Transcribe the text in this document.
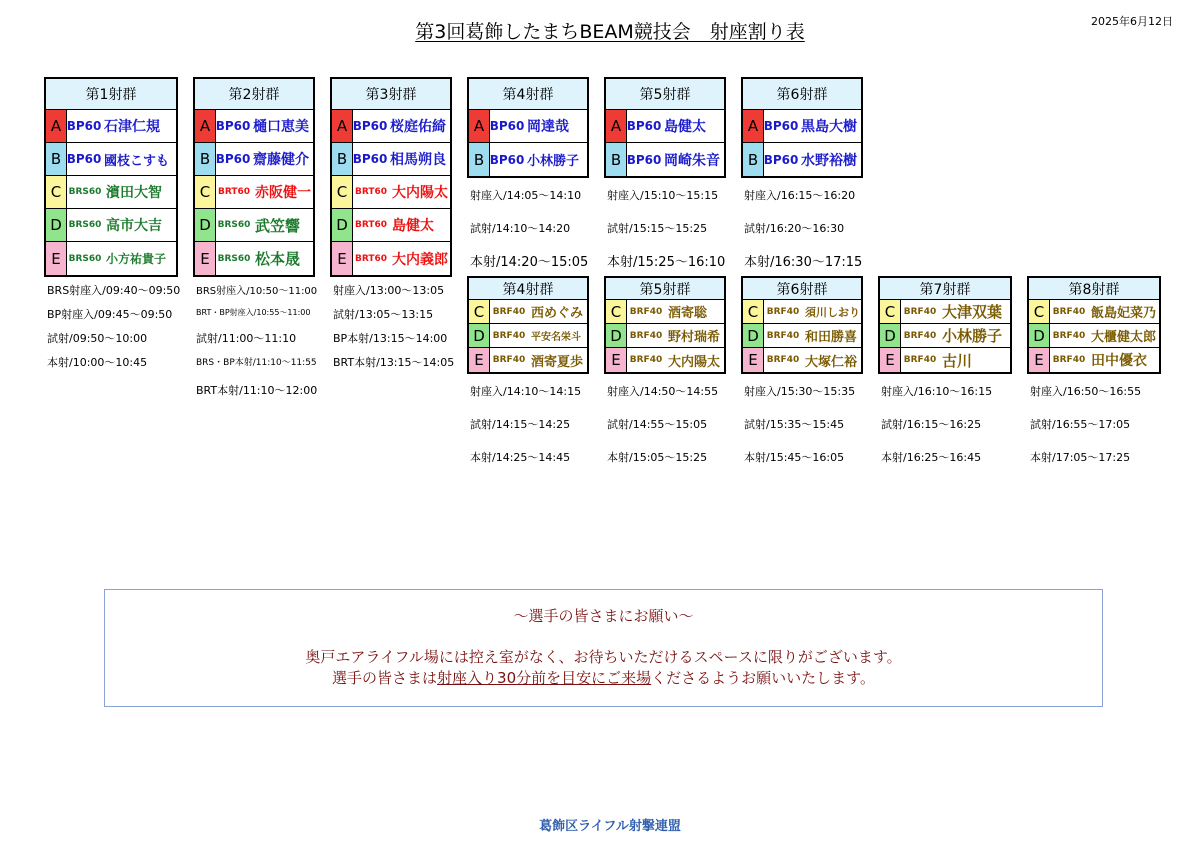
第3回葛飾したまちBEAM競技会　射座割り表	2025年6月12日
第1射群
A BP60 石津仁規
B BP60 國枝こすも
C BRS60 濱田大智
D BRS60 高市大吉
E BRS60 小方祐貴子
第2射群
A BP60 樋口恵美
B BP60 齋藤健介
C BRT60 赤阪健一
D BRS60 武笠響
E BRS60 松本晟
第3射群
A BP60 桜庭佑綺
B BP60 相馬朔良
C BRT60 大内陽太
D BRT60 島健太
E BRT60 大内義郎
第4射群
A BP60 岡達哉
B BP60 小林勝子
第5射群
A BP60 島健太
B BP60 岡崎朱音
第6射群
A BP60 黒島大樹
B BP60 水野裕樹
第4射群
C BRF40 西めぐみ
D BRF40 平安名栄斗
E	BRF40 酒寄夏歩
第5射群
C BRF40 酒寄聡
D BRF40 野村瑞希
E	BRF40 大内陽太
第6射群
C BRF40 須川しおり
D BRF40 和田勝喜
E	BRF40 大塚仁裕
第7射群
C BRF40 大津双葉
D BRF40 小林勝子
E	BRF40 古川
第8射群
C BRF40 飯島妃菜乃
D BRF40 大櫃健太郎
E	BRF40 田中優衣
BRS射座入/09:40～09:50
BP射座入/09:45～09:50
試射/09:50～10:00
本射/10:00～10:45
BRS射座入/10:50～11:00
BRT・BP射座入/10:55～11:00
試射/11:00～11:10
BRS・BP本射/11:10～11:55
BRT本射/11:10～12:00
射座入/13:00～13:05
試射/13:05～13:15
BP本射/13:15～14:00
BRT本射/13:15～14:05
射座入/14:05～14:10
試射/14:10～14:20
本射/14:20～15:05
射座入/15:10～15:15
試射/15:15～15:25
本射/15:25～16:10
射座入/16:15～16:20
試射/16:20～16:30
本射/16:30～17:15
射座入/14:10～14:15
試射/14:15～14:25
本射/14:25～14:45
射座入/14:50～14:55
試射/14:55～15:05
本射/15:05～15:25
射座入/15:30～15:35
試射/15:35～15:45
本射/15:45～16:05
射座入/16:10～16:15
試射/16:15～16:25
本射/16:25～16:45
射座入/16:50～16:55
試射/16:55～17:05
本射/17:05～17:25
～選手の皆さまにお願い～
奥戸エアライフル場には控え室がなく、お待ちいただけるスペースに限りがございます。
選手の皆さまは射座入り30分前を目安にご来場くださるようお願いいたします。
葛飾区ライフル射撃連盟
